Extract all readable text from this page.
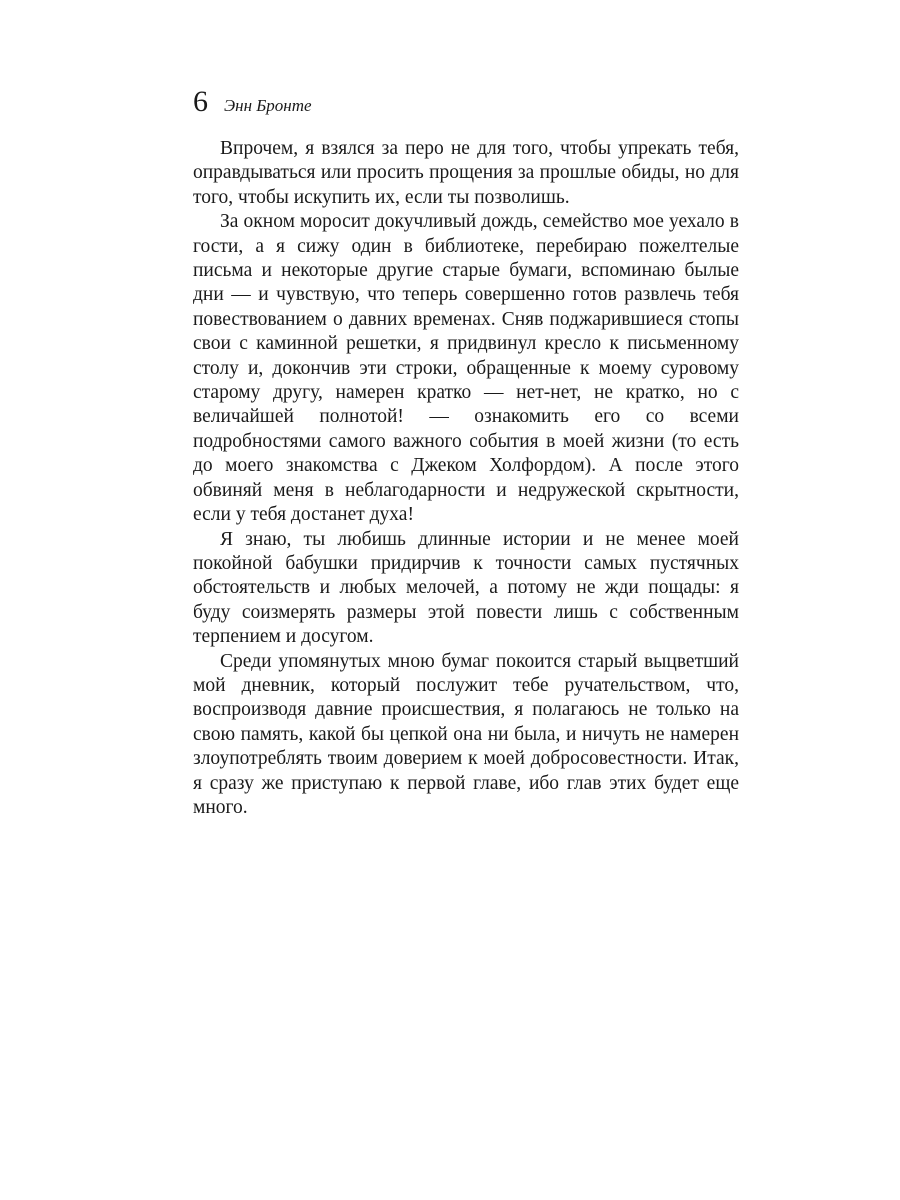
6 Энн Бронте

Впрочем, я взялся за перо не для того, чтобы упрекать тебя, оправдываться или просить прощения за прошлые обиды, но для того, чтобы искупить их, если ты позволишь.

За окном моросит докучливый дождь, семейство мое уехало в гости, а я сижу один в библиотеке, перебираю пожелтелые письма и некоторые другие старые бумаги, вспоминаю былые дни — и чувствую, что теперь совершенно готов развлечь тебя повествованием о давних временах. Сняв поджарившиеся стопы свои с каминной решетки, я придвинул кресло к письменному столу и, докончив эти строки, обращенные к моему суровому старому другу, намерен кратко — нет-нет, не кратко, но с величайшей полнотой! — ознакомить его со всеми подробностями самого важного события в моей жизни (то есть до моего знакомства с Джеком Холфордом). А после этого обвиняй меня в неблагодарности и недружеской скрытности, если у тебя достанет духа!

Я знаю, ты любишь длинные истории и не менее моей покойной бабушки придирчив к точности самых пустячных обстоятельств и любых мелочей, а потому не жди пощады: я буду соизмерять размеры этой повести лишь с собственным терпением и досугом.

Среди упомянутых мною бумаг покоится старый выцветший мой дневник, который послужит тебе ручательством, что, воспроизводя давние происшествия, я полагаюсь не только на свою память, какой бы цепкой она ни была, и ничуть не намерен злоупотреблять твоим доверием к моей добросовестности. Итак, я сразу же приступаю к первой главе, ибо глав этих будет еще много.
